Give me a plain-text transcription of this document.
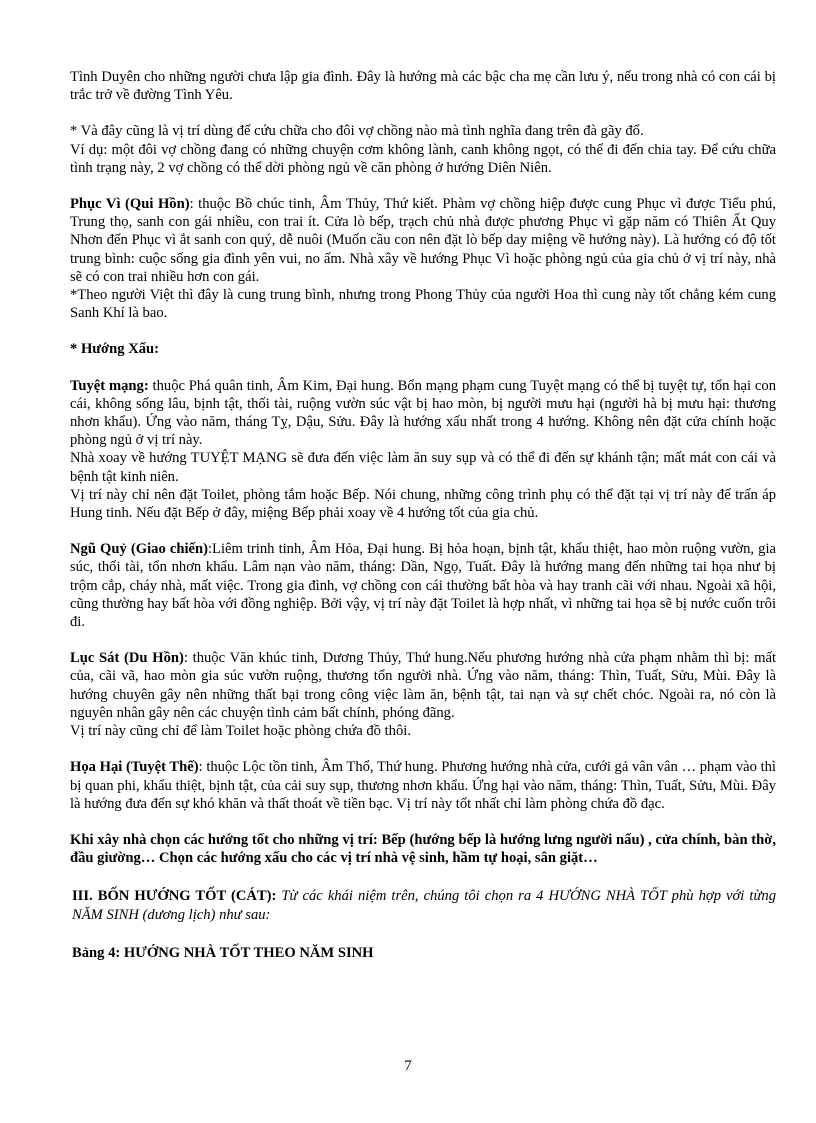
Tình Duyên cho những người chưa lập gia đình. Đây là hướng mà các bậc cha mẹ cần lưu ý, nếu trong nhà có con cái bị trắc trở về đường Tình Yêu.

* Và đây cũng là vị trí dùng để cứu chữa cho đôi vợ chồng nào mà tình nghĩa đang trên đà gãy đổ.

Ví dụ: một đôi vợ chồng đang có những chuyện cơm không lành, canh không ngọt, có thể đi đến chia tay. Để cứu chữa tình trạng này, 2 vợ chồng có thể dời phòng ngủ về căn phòng ở hướng Diên Niên.

Phục Vì (Qui Hồn): thuộc Bồ chúc tinh, Âm Thủy, Thứ kiết. Phàm vợ chồng hiệp được cung Phục vì được Tiểu phú, Trung thọ, sanh con gái nhiều, con trai ít. Cửa lò bếp, trạch chủ nhà được phương Phục vì gặp năm có Thiên Ất Quy Nhơn đến Phục vì ắt sanh con quý, dễ nuôi (Muốn cầu con nên đặt lò bếp day miệng về hướng này). Là hướng có độ tốt trung bình: cuộc sống gia đình yên vui, no ấm. Nhà xây về hướng Phục Vì hoặc phòng ngủ của gia chủ ở vị trí này, nhà sẽ có con trai nhiều hơn con gái.

*Theo người Việt thì đây là cung trung bình, nhưng trong Phong Thủy của người Hoa thì cung này tốt chẳng kém cung Sanh Khí là bao.

* Hướng Xấu:

Tuyệt mạng: thuộc Phá quân tinh, Âm Kim, Đại hung. Bổn mạng phạm cung Tuyệt mạng có thể bị tuyệt tự, tổn hại con cái, không sống lâu, bịnh tật, thối tài, ruộng vườn súc vật bị hao mòn, bị người mưu hại (người hà bị mưu hại: thương nhơn khẩu). Ứng vào năm, tháng Tỵ, Dậu, Sửu. Đây là hướng xấu nhất trong 4 hướng. Không nên đặt cửa chính hoặc phòng ngủ ở vị trí này.

Nhà xoay về hướng TUYỆT MẠNG sẽ đưa đến việc làm ăn suy sụp và có thể đi đến sự khánh tận; mất mát con cái và bệnh tật kinh niên.

Vị trí này chỉ nên đặt Toilet, phòng tắm hoặc Bếp. Nói chung, những công trình phụ có thể đặt tại vị trí này để trấn áp Hung tinh. Nếu đặt Bếp ở đây, miệng Bếp phải xoay về 4 hướng tốt của gia chủ.

Ngũ Quỷ (Giao chiến):Liêm trinh tinh, Âm Hỏa, Đại hung. Bị hỏa hoạn, bịnh tật, khẩu thiệt, hao mòn ruộng vườn, gia súc, thối tài, tổn nhơn khẩu. Lâm nạn vào năm, tháng: Dần, Ngọ, Tuất. Đây là hướng mang đến những tai họa như bị trộm cắp, cháy nhà, mất việc. Trong gia đình, vợ chồng con cái thường bất hòa và hay tranh cãi với nhau. Ngoài xã hội, cũng thường hay bất hòa với đồng nghiệp. Bởi vậy, vị trí này đặt Toilet là hợp nhất, vì những tai họa sẽ bị nước cuốn trôi đi.

Lục Sát (Du Hồn): thuộc Văn khúc tinh, Dương Thủy, Thứ hung.Nếu phương hướng nhà cửa phạm nhằm thì bị: mất của, cãi vã, hao mòn gia súc vườn ruộng, thương tổn người nhà. Ứng vào năm, tháng: Thìn, Tuất, Sửu, Mùi. Đây là hướng chuyên gây nên những thất bại trong công việc làm ăn, bệnh tật, tai nạn và sự chết chóc. Ngoài ra, nó còn là nguyên nhân gây nên các chuyện tình cảm bất chính, phóng đãng.

Vị trí này cũng chỉ để làm Toilet hoặc phòng chứa đồ thôi.

Họa Hại (Tuyệt Thế): thuộc Lộc tồn tinh, Âm Thổ, Thứ hung. Phương hướng nhà cửa, cưới gả vân vân … phạm vào thì bị quan phi, khẩu thiệt, bịnh tật, của cải suy sụp, thương nhơn khẩu. Ứng hại vào năm, tháng: Thìn, Tuất, Sửu, Mùi. Đây là hướng đưa đến sự khó khăn và thất thoát về tiền bạc. Vị trí này tốt nhất chỉ làm phòng chứa đồ đạc.

Khi xây nhà chọn các hướng tốt cho những vị trí: Bếp (hướng bếp là hướng lưng người nấu) , cửa chính, bàn thờ, đầu giường… Chọn các hướng xấu cho các vị trí nhà vệ sinh, hầm tự hoại, sân giặt…

III. BỐN HƯỚNG TỐT (CÁT): Từ các khái niệm trên, chúng tôi chọn ra 4 HƯỚNG NHÀ TỐT phù hợp với từng NĂM SINH (dương lịch) như sau:

Bảng 4: HƯỚNG NHÀ TỐT THEO NĂM SINH

7
